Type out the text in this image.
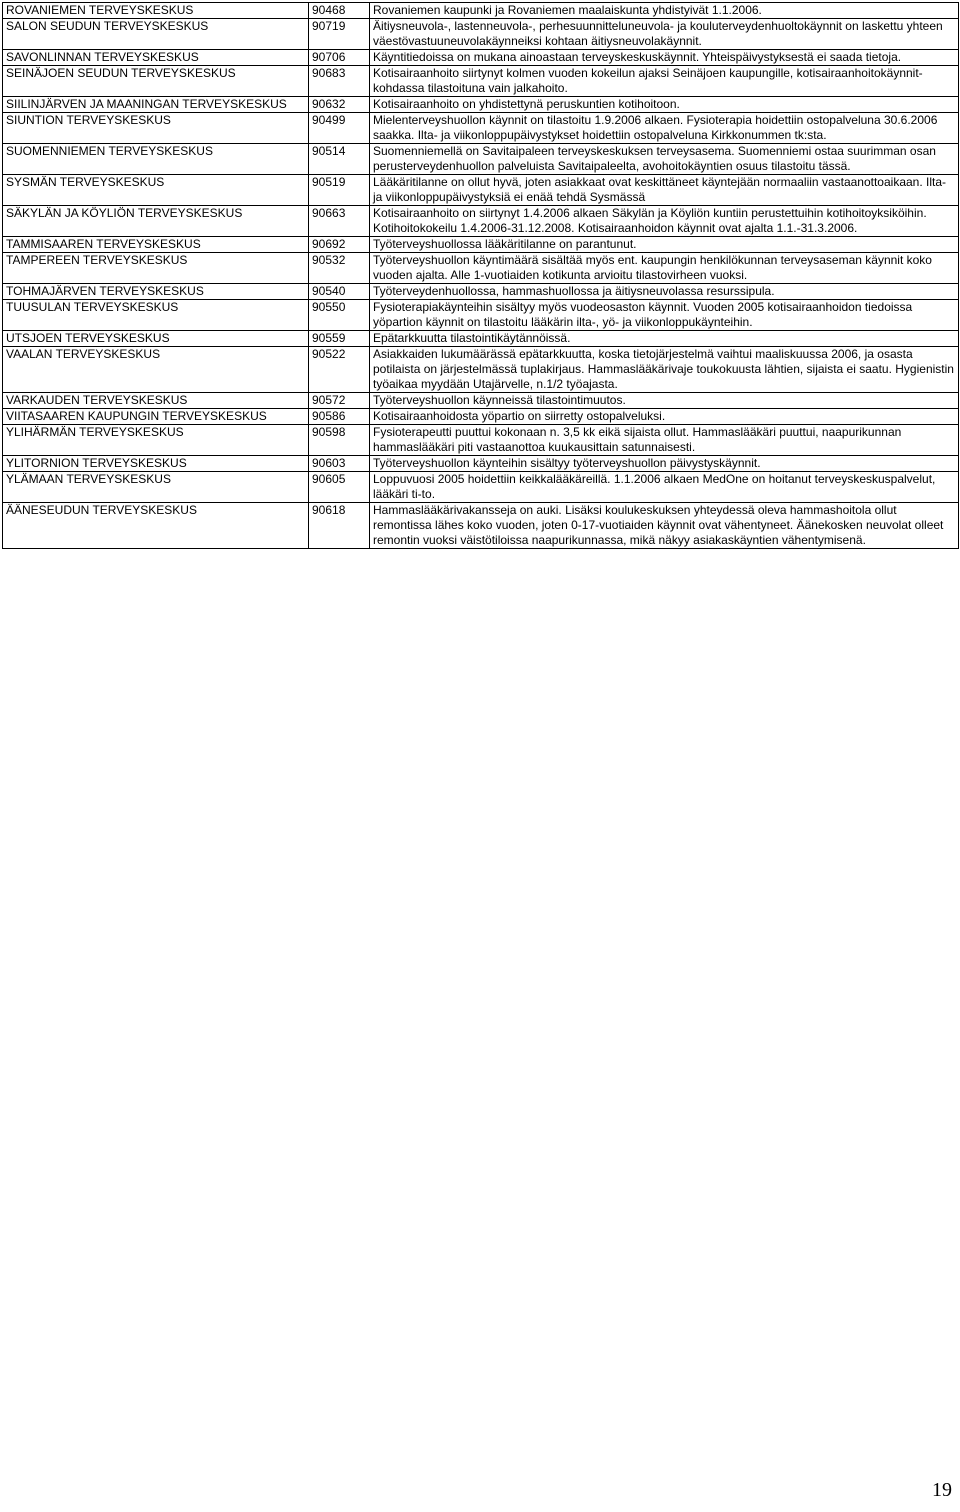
ROVANIEMEN TERVEYSKESKUS	90468	Rovaniemen kaupunki ja Rovaniemen maalaiskunta yhdistyivät 1.1.2006.
SALON SEUDUN TERVEYSKESKUS	90719	Äitiysneuvola-, lastenneuvola-, perhesuunnitteluneuvola- ja kouluterveydenhuoltokäynnit on laskettu yhteen väestövastuuneuvolakäynneiksi kohtaan äitiysneuvolakäynnit.
SAVONLINNAN TERVEYSKESKUS	90706	Käyntitiedoissa on mukana ainoastaan terveyskeskuskäynnit. Yhteispäivystyksestä ei saada tietoja.
SEINÄJOEN SEUDUN TERVEYSKESKUS	90683	Kotisairaanhoito siirtynyt kolmen vuoden kokeilun ajaksi Seinäjoen kaupungille, kotisairaanhoitokäynnit-kohdassa tilastoituna vain jalkahoito.
SIILINJÄRVEN JA MAANINGAN TERVEYSKESKUS	90632	Kotisairaanhoito on yhdistettynä peruskuntien kotihoitoon.
SIUNTION TERVEYSKESKUS	90499	Mielenterveyshuollon käynnit on tilastoitu 1.9.2006 alkaen. Fysioterapia hoidettiin ostopalveluna 30.6.2006 saakka. Ilta- ja viikonloppupäivystykset hoidettiin ostopalveluna Kirkkonummen tk:sta.
SUOMENNIEMEN TERVEYSKESKUS	90514	Suomenniemellä on Savitaipaleen terveyskeskuksen terveysasema. Suomenniemi ostaa suurimman osan perusterveydenhuollon palveluista Savitaipaleelta, avohoitokäyntien osuus tilastoitu tässä.
SYSMÄN TERVEYSKESKUS	90519	Lääkäritilanne on ollut hyvä, joten asiakkaat ovat keskittäneet käyntejään normaaliin vastaanottoaikaan. Ilta- ja viikonloppupäivystyksiä ei enää tehdä Sysmässä
SÄKYLÄN JA KÖYLIÖN TERVEYSKESKUS	90663	Kotisairaanhoito on siirtynyt 1.4.2006 alkaen Säkylän ja Köyliön kuntiin perustettuihin kotihoitoyksiköihin. Kotihoitokokeilu 1.4.2006-31.12.2008. Kotisairaanhoidon käynnit ovat ajalta 1.1.-31.3.2006.
TAMMISAAREN TERVEYSKESKUS	90692	Työterveyshuollossa lääkäritilanne on parantunut.
TAMPEREEN TERVEYSKESKUS	90532	Työterveyshuollon käyntimäärä sisältää myös ent. kaupungin henkilökunnan terveysaseman käynnit koko vuoden ajalta. Alle 1-vuotiaiden kotikunta arvioitu tilastovirheen vuoksi.
TOHMAJÄRVEN TERVEYSKESKUS	90540	Työterveydenhuollossa, hammashuollossa ja äitiysneuvolassa resurssipula.
TUUSULAN TERVEYSKESKUS	90550	Fysioterapiakäynteihin sisältyy myös vuodeosaston käynnit. Vuoden 2005 kotisairaanhoidon tiedoissa yöpartion käynnit on tilastoitu lääkärin ilta-, yö- ja viikonloppukäynteihin.
UTSJOEN TERVEYSKESKUS	90559	Epätarkkuutta tilastointikäytännöissä.
VAALAN TERVEYSKESKUS	90522	Asiakkaiden lukumäärässä epätarkkuutta, koska tietojärjestelmä vaihtui maaliskuussa 2006, ja osasta potilaista on järjestelmässä tuplakirjaus. Hammaslääkärivaje toukokuusta lähtien, sijaista ei saatu. Hygienistin työaikaa myydään Utajärvelle, n.1/2 työajasta.
VARKAUDEN TERVEYSKESKUS	90572	Työterveyshuollon käynneissä tilastointimuutos.
VIITASAAREN KAUPUNGIN TERVEYSKESKUS	90586	Kotisairaanhoidosta yöpartio on siirretty ostopalveluksi.
YLIHÄRMÄN TERVEYSKESKUS	90598	Fysioterapeutti puuttui kokonaan n. 3,5 kk eikä sijaista ollut. Hammaslääkäri puuttui, naapurikunnan hammaslääkäri piti vastaanottoa kuukausittain satunnaisesti.
YLITORNION TERVEYSKESKUS	90603	Työterveyshuollon käynteihin sisältyy työterveyshuollon päivystyskäynnit.
YLÄMAAN TERVEYSKESKUS	90605	Loppuvuosi 2005 hoidettiin keikkalääkäreillä. 1.1.2006 alkaen MedOne on hoitanut terveyskeskuspalvelut, lääkäri ti-to.
ÄÄNESEUDUN TERVEYSKESKUS	90618	Hammaslääkärivakansseja on auki. Lisäksi koulukeskuksen yhteydessä oleva hammashoitola ollut remontissa lähes koko vuoden, joten 0-17-vuotiaiden käynnit ovat vähentyneet. Äänekosken neuvolat olleet remontin vuoksi väistötiloissa naapurikunnassa, mikä näkyy asiakaskäyntien vähentymisenä.
19
